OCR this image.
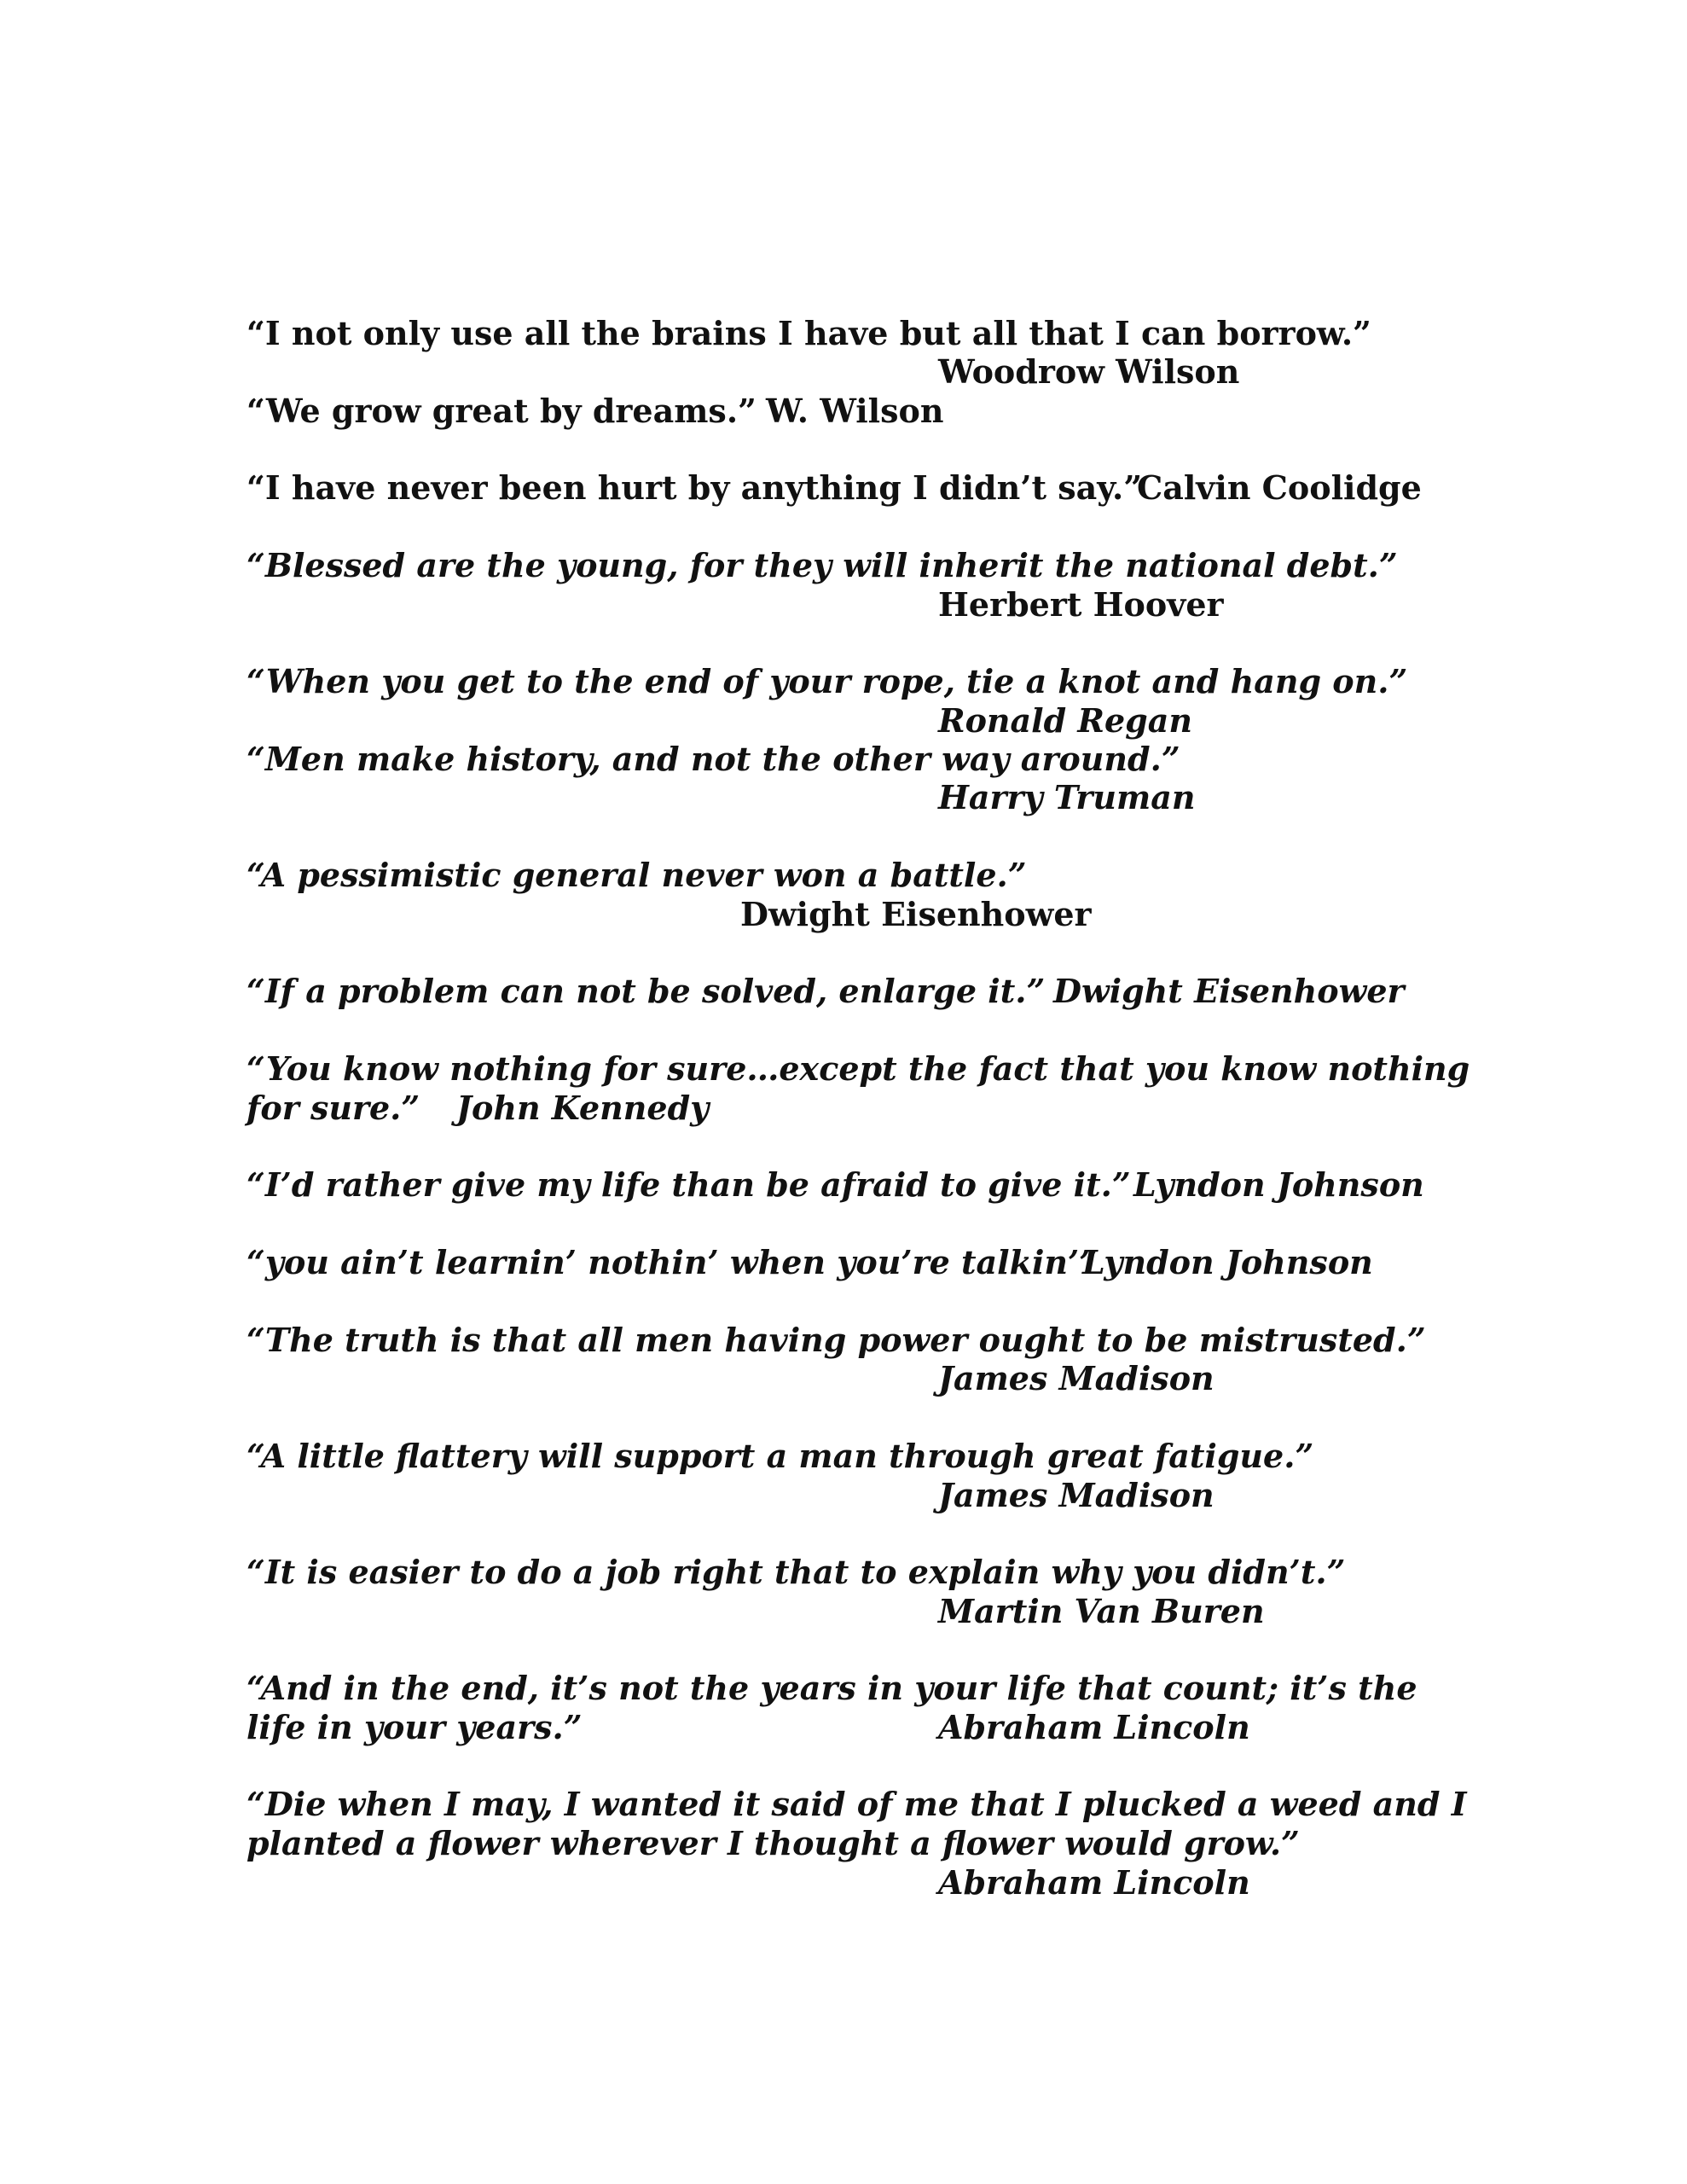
“I not only use all the brains I have but all that I can borrow.”
Woodrow Wilson
“We grow great by dreams.” W. Wilson
“I have never been hurt by anything I didn’t say.”
Calvin Coolidge
“Blessed are the young, for they will inherit the national debt.”
Herbert Hoover
“When you get to the end of your rope, tie a knot and hang on.”
Ronald Regan
“Men make history, and not the other way around.”
Harry Truman
“A pessimistic general never won a battle.”
Dwight Eisenhower
“If a problem can not be solved, enlarge it.” Dwight Eisenhower
“You know nothing for sure…except the fact that you know nothing
for sure.” John Kennedy
“I’d rather give my life than be afraid to give it.” Lyndon Johnson
“you ain’t learnin’ nothin’ when you’re talkin’”
Lyndon Johnson
“The truth is that all men having power ought to be mistrusted.”
James Madison
“A little flattery will support a man through great fatigue.”
James Madison
“It is easier to do a job right that to explain why you didn’t.”
Martin Van Buren
“And in the end, it’s not the years in your life that count; it’s the
life in your years.”	Abraham Lincoln
“Die when I may, I wanted it said of me that I plucked a weed and I
planted a flower wherever I thought a flower would grow.”
Abraham Lincoln
